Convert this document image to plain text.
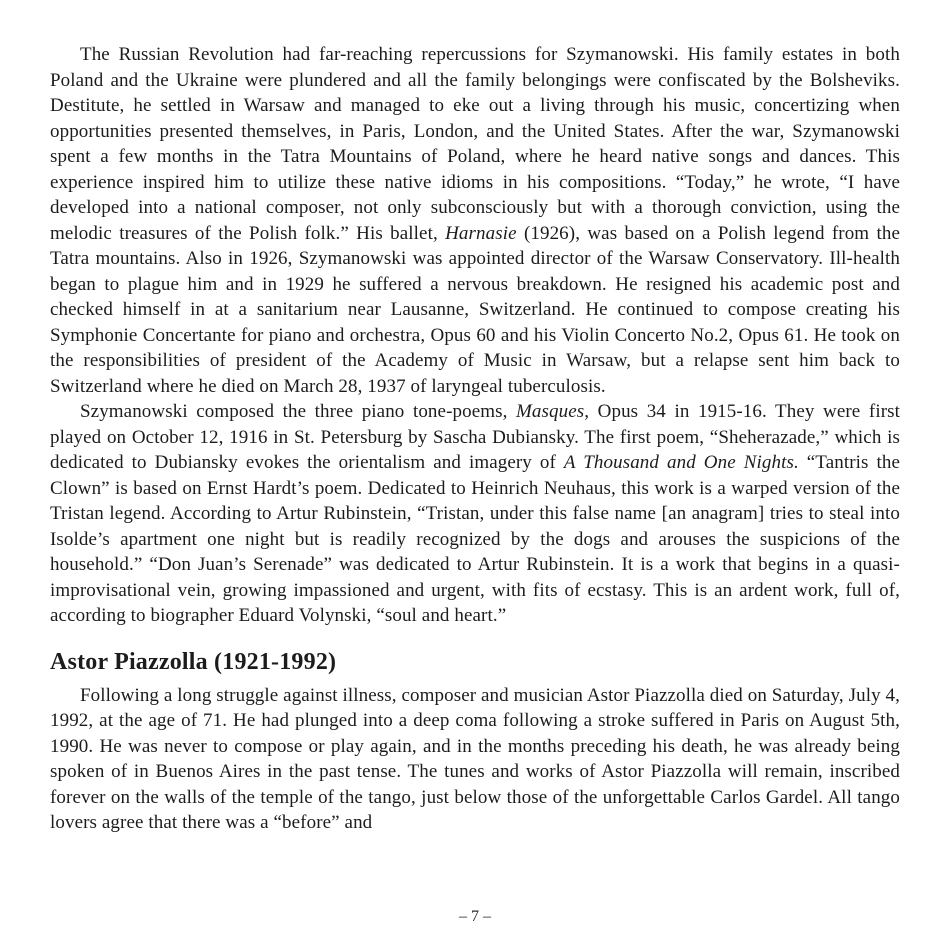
The Russian Revolution had far-reaching repercussions for Szymanowski. His family estates in both Poland and the Ukraine were plundered and all the family belongings were confiscated by the Bolsheviks. Destitute, he settled in Warsaw and managed to eke out a living through his music, concertizing when opportunities presented themselves, in Paris, London, and the United States. After the war, Szymanowski spent a few months in the Tatra Mountains of Poland, where he heard native songs and dances. This experience inspired him to utilize these native idioms in his compositions. “Today,” he wrote, “I have developed into a national composer, not only subconsciously but with a thorough conviction, using the melodic treasures of the Polish folk.” His ballet, Harnasie (1926), was based on a Polish legend from the Tatra mountains. Also in 1926, Szymanowski was appointed director of the Warsaw Conservatory. Ill-health began to plague him and in 1929 he suffered a nervous breakdown. He resigned his academic post and checked himself in at a sanitarium near Lausanne, Switzerland. He continued to compose creating his Symphonie Concertante for piano and orchestra, Opus 60 and his Violin Concerto No.2, Opus 61. He took on the responsibilities of president of the Academy of Music in Warsaw, but a relapse sent him back to Switzerland where he died on March 28, 1937 of laryngeal tuberculosis.

Szymanowski composed the three piano tone-poems, Masques, Opus 34 in 1915-16. They were first played on October 12, 1916 in St. Petersburg by Sascha Dubiansky. The first poem, “Sheherazade,” which is dedicated to Dubiansky evokes the orientalism and imagery of A Thousand and One Nights. “Tantris the Clown” is based on Ernst Hardt’s poem. Dedicated to Heinrich Neuhaus, this work is a warped version of the Tristan legend. According to Artur Rubinstein, “Tristan, under this false name [an anagram] tries to steal into Isolde’s apartment one night but is readily recognized by the dogs and arouses the suspicions of the household.” “Don Juan’s Serenade” was dedicated to Artur Rubinstein. It is a work that begins in a quasi-improvisational vein, growing impassioned and urgent, with fits of ecstasy. This is an ardent work, full of, according to biographer Eduard Volynski, “soul and heart.”

Astor Piazzolla (1921-1992)

Following a long struggle against illness, composer and musician Astor Piazzolla died on Saturday, July 4, 1992, at the age of 71. He had plunged into a deep coma following a stroke suffered in Paris on August 5th, 1990. He was never to compose or play again, and in the months preceding his death, he was already being spoken of in Buenos Aires in the past tense. The tunes and works of Astor Piazzolla will remain, inscribed forever on the walls of the temple of the tango, just below those of the unforgettable Carlos Gardel. All tango lovers agree that there was a “before” and

– 7 –
